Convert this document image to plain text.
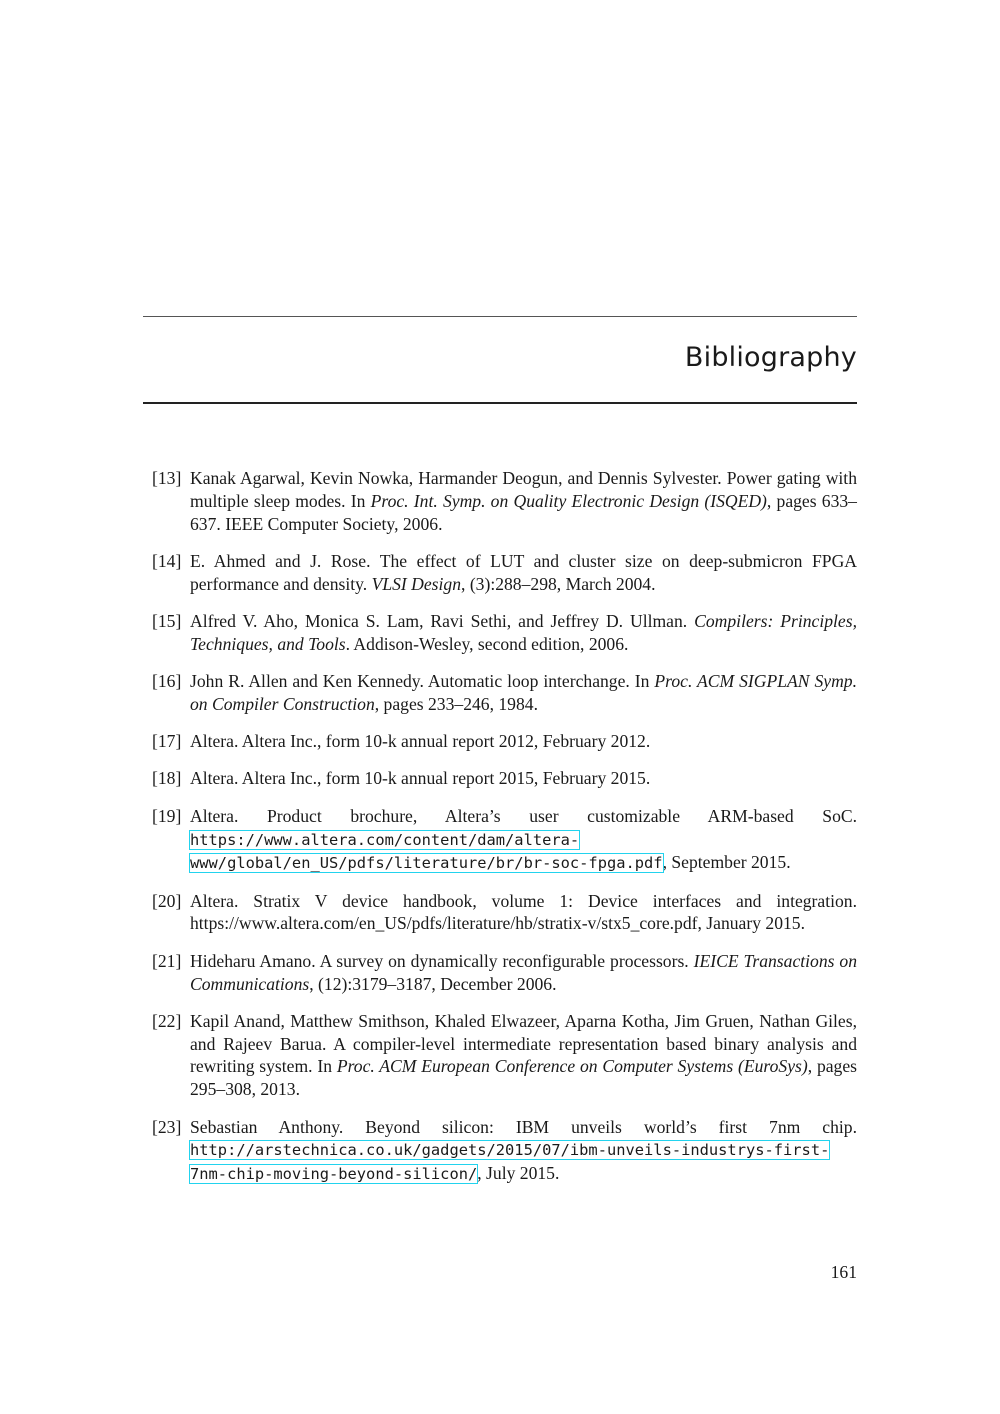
Bibliography
[13] Kanak Agarwal, Kevin Nowka, Harmander Deogun, and Dennis Sylvester. Power gating with multiple sleep modes. In Proc. Int. Symp. on Quality Electronic Design (ISQED), pages 633–637. IEEE Computer Society, 2006.
[14] E. Ahmed and J. Rose. The effect of LUT and cluster size on deep-submicron FPGA performance and density. VLSI Design, (3):288–298, March 2004.
[15] Alfred V. Aho, Monica S. Lam, Ravi Sethi, and Jeffrey D. Ullman. Compilers: Principles, Techniques, and Tools. Addison-Wesley, second edition, 2006.
[16] John R. Allen and Ken Kennedy. Automatic loop interchange. In Proc. ACM SIGPLAN Symp. on Compiler Construction, pages 233–246, 1984.
[17] Altera. Altera Inc., form 10-k annual report 2012, February 2012.
[18] Altera. Altera Inc., form 10-k annual report 2015, February 2015.
[19] Altera. Product brochure, Altera’s user customizable ARM-based SoC. https://www.altera.com/content/dam/altera-www/global/en_US/pdfs/literature/br/br-soc-fpga.pdf, September 2015.
[20] Altera. Stratix V device handbook, volume 1: Device interfaces and integration. https://www.altera.com/en_US/pdfs/literature/hb/stratix-v/stx5_core.pdf, January 2015.
[21] Hideharu Amano. A survey on dynamically reconfigurable processors. IEICE Transactions on Communications, (12):3179–3187, December 2006.
[22] Kapil Anand, Matthew Smithson, Khaled Elwazeer, Aparna Kotha, Jim Gruen, Nathan Giles, and Rajeev Barua. A compiler-level intermediate representation based binary analysis and rewriting system. In Proc. ACM European Conference on Computer Systems (EuroSys), pages 295–308, 2013.
[23] Sebastian Anthony. Beyond silicon: IBM unveils world’s first 7nm chip. http://arstechnica.co.uk/gadgets/2015/07/ibm-unveils-industrys-first-7nm-chip-moving-beyond-silicon/, July 2015.
161
